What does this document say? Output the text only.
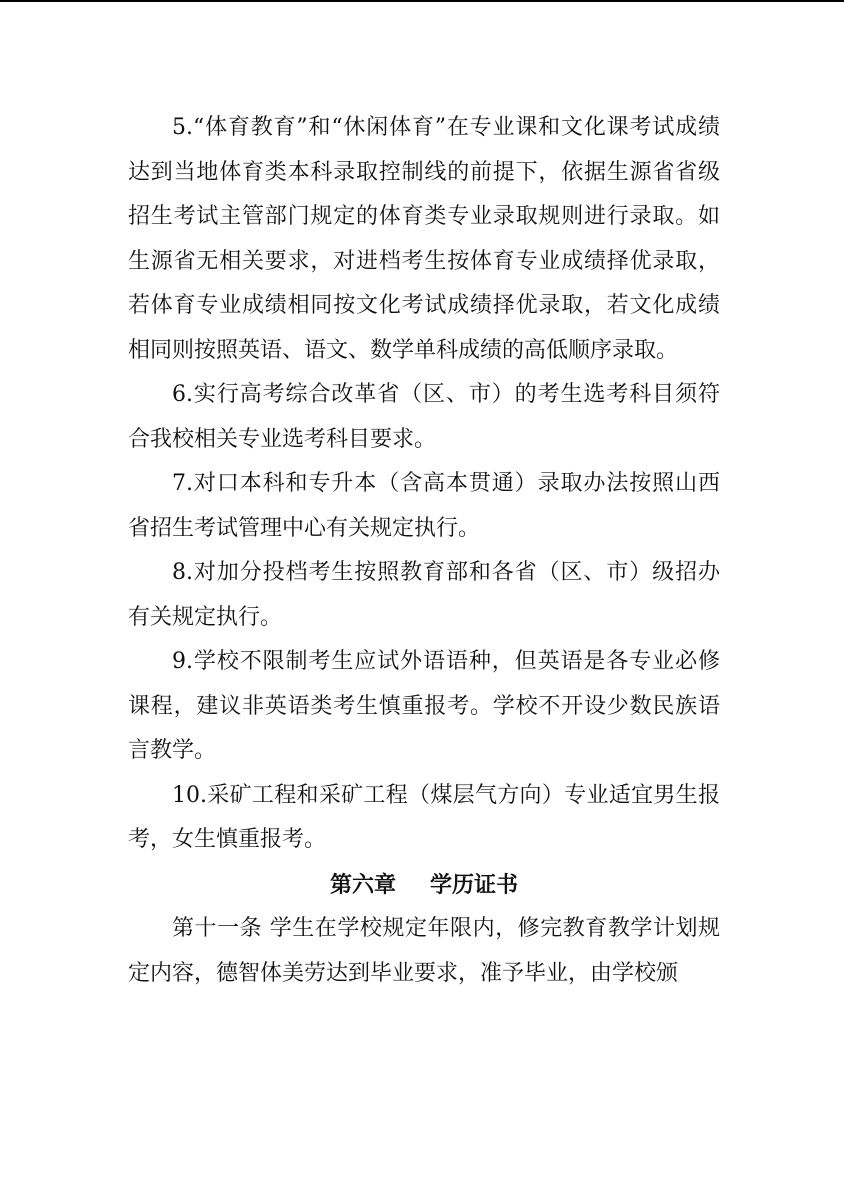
5.“体育教育”和“休闲体育”在专业课和文化课考试成绩达到当地体育类本科录取控制线的前提下，依据生源省省级招生考试主管部门规定的体育类专业录取规则进行录取。如生源省无相关要求，对进档考生按体育专业成绩择优录取，若体育专业成绩相同按文化考试成绩择优录取，若文化成绩相同则按照英语、语文、数学单科成绩的高低顺序录取。

6.实行高考综合改革省（区、市）的考生选考科目须符合我校相关专业选考科目要求。

7.对口本科和专升本（含高本贯通）录取办法按照山西省招生考试管理中心有关规定执行。

8.对加分投档考生按照教育部和各省（区、市）级招办有关规定执行。

9.学校不限制考生应试外语语种，但英语是各专业必修课程，建议非英语类考生慎重报考。学校不开设少数民族语言教学。

10.采矿工程和采矿工程（煤层气方向）专业适宜男生报考，女生慎重报考。

第六章 学历证书

第十一条 学生在学校规定年限内，修完教育教学计划规定内容，德智体美劳达到毕业要求，准予毕业，由学校颁
